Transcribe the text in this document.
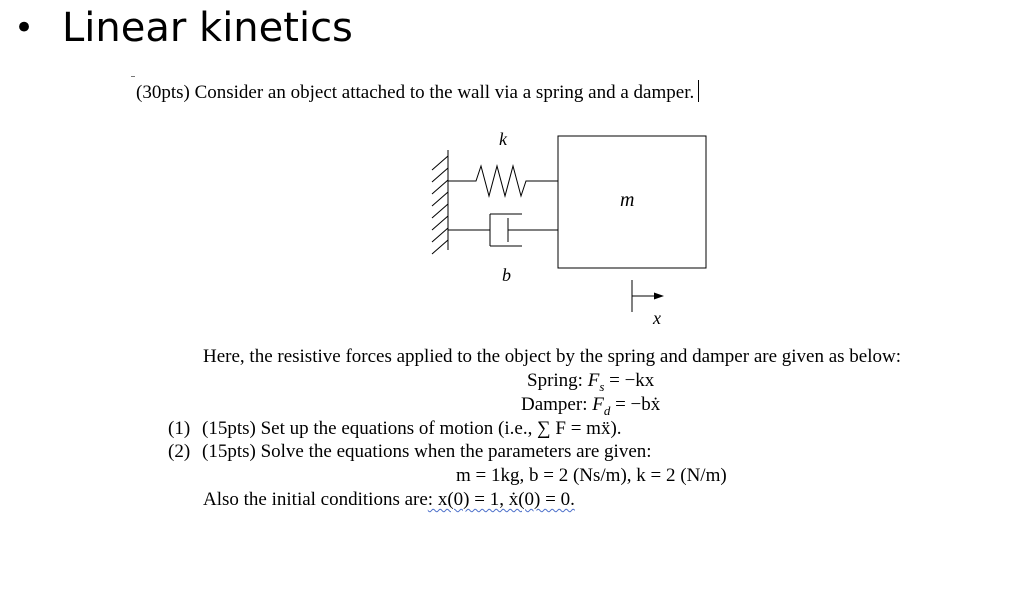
• Linear kinetics
(30pts) Consider an object attached to the wall via a spring and a damper.
k
b
m
x
Here, the resistive forces applied to the object by the spring and damper are given as below:
Spring: $F_s = -kx$
Damper: $F_d$ = −bẋ
(1) (15pts) Set up the equations of motion (i.e., ∑ F = mẍ).
(2) (15pts) Solve the equations when the parameters are given:
m = 1kg, b = 2 (Ns/m), k = 2 (N/m)
Also the initial conditions are: x(0) = 1, ẋ(0) = 0.
